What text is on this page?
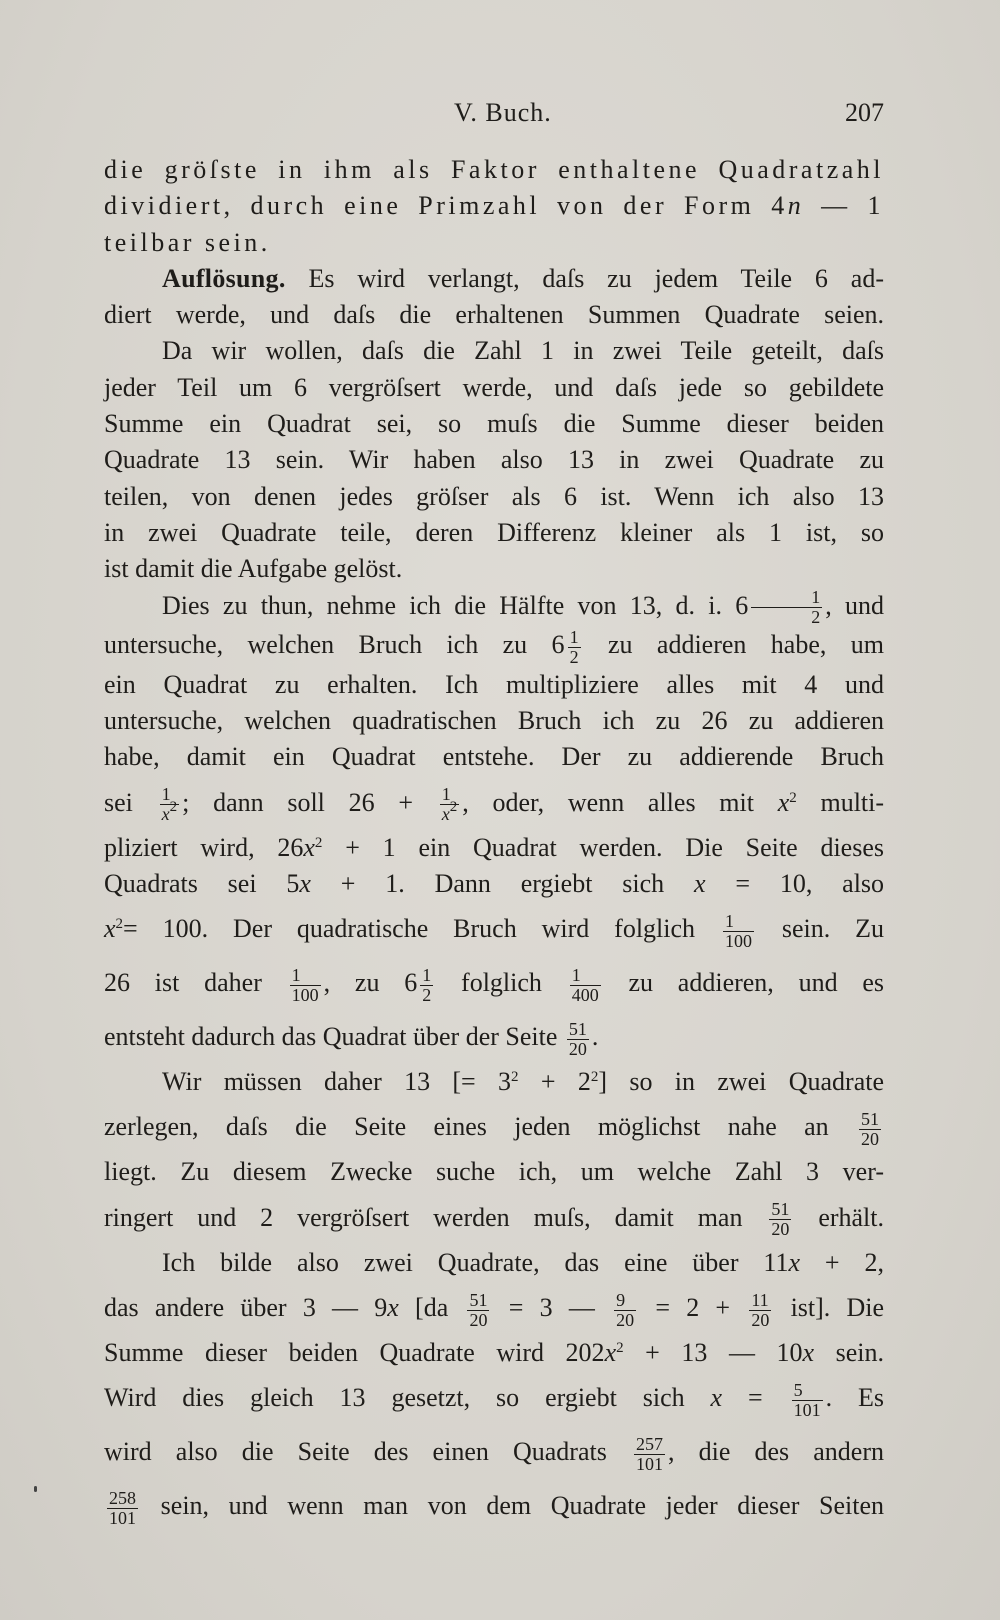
V. Buch.	207
die gröſste in ihm als Faktor enthaltene Quadratzahl
dividiert, durch eine Primzahl von der Form 4n — 1
teilbar sein.
Auflösung. Es wird verlangt, daſs zu jedem Teile 6 ad-
diert werde, und daſs die erhaltenen Summen Quadrate seien.
Da wir wollen, daſs die Zahl 1 in zwei Teile geteilt, daſs
jeder Teil um 6 vergröſsert werde, und daſs jede so gebildete
Summe ein Quadrat sei, so muſs die Summe dieser beiden
Quadrate 13 sein. Wir haben also 13 in zwei Quadrate zu
teilen, von denen jedes gröſser als 6 ist. Wenn ich also 13
in zwei Quadrate teile, deren Differenz kleiner als 1 ist, so
ist damit die Aufgabe gelöst.
Dies zu thun, nehme ich die Hälfte von 13, d. i. $6 \frac{1}{2}$ , und
untersuche, welchen Bruch ich zu $6 \frac{1}{2}$ zu addieren habe, um
ein Quadrat zu erhalten. Ich multipliziere alles mit 4 und
untersuche, welchen quadratischen Bruch ich zu 26 zu addieren
habe, damit ein Quadrat entstehe. Der zu addierende Bruch
sei $\frac{1}{x^2}$ ; dann soll $26 + \frac{1}{x^2}$ , oder, wenn alles mit $x^2$ multi-
pliziert wird, $26x^2 + 1$ ein Quadrat werden. Die Seite dieses
Quadrats sei 5x + 1. Dann ergiebt sich x = 10, also
$x^2= 100$. Der quadratische Bruch wird folglich $\frac{1}{100}$ sein. Zu
26 ist daher $\frac{1}{100}$ , zu $6 \frac{1}{2}$ folglich $\frac{1}{400}$ zu addieren, und es
entsteht dadurch das Quadrat über der Seite $\frac{51}{20}$ .
Wir müssen daher 13 [= $3^2 + 2^2$] so in zwei Quadrate
zerlegen, daſs die Seite eines jeden möglichst nahe an $\frac{51}{20}$
liegt. Zu diesem Zwecke suche ich, um welche Zahl 3 ver-
ringert und 2 vergröſsert werden muſs, damit man $\frac{51}{20}$ erhält.
Ich bilde also zwei Quadrate, das eine über 11x + 2,
das andere über 3 — 9x [$da \frac{51}{20} = 3$ — $\frac{9}{20} = 2 + \frac{11}{20} ist$]. Die
Summe dieser beiden Quadrate wird $202x^2 + 13$ — 10x sein.
Wird dies gleich 13 gesetzt, so ergiebt sich $x = \frac{5}{101}$ . Es
wird also die Seite des einen Quadrats $\frac{257}{101}$ , die des andern
$\frac{258}{101}$ sein, und wenn man von dem Quadrate jeder dieser Seiten
